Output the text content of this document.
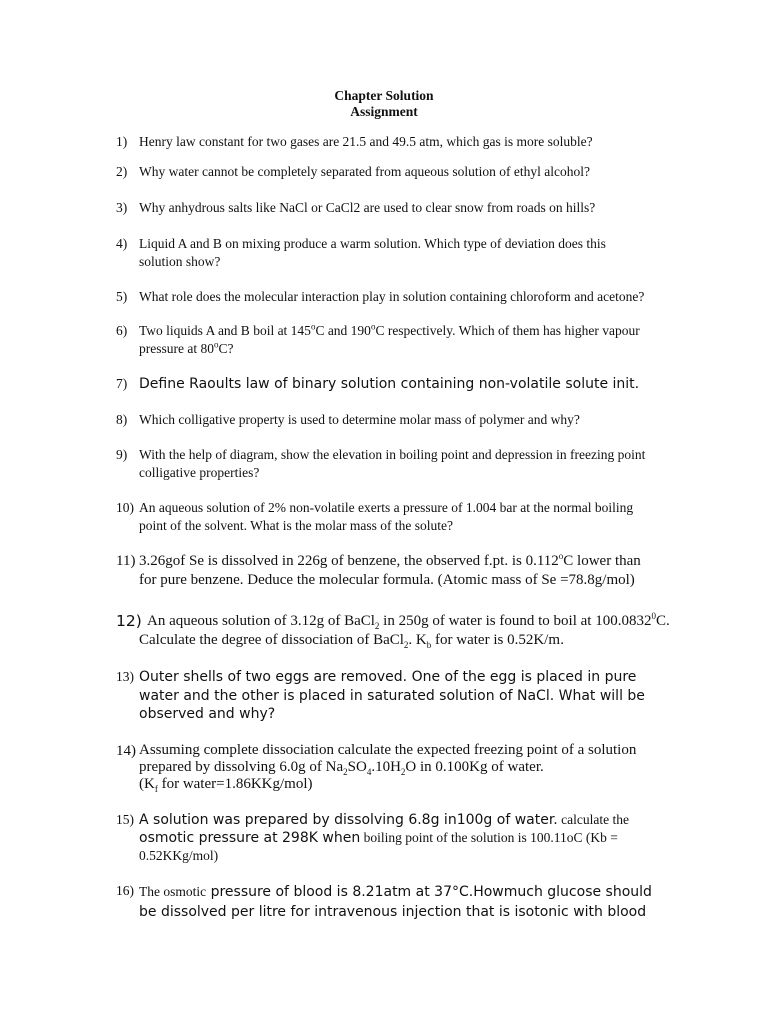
Chapter Solution
Assignment
1) Henry law constant for two gases are 21.5 and 49.5 atm, which gas is more soluble?
2) Why water cannot be completely separated from aqueous solution of ethyl alcohol?
3) Why anhydrous salts like NaCl or CaCl2 are used to clear snow from roads on hills?
4) Liquid A and B on mixing produce a warm solution. Which type of deviation does this
solution show?
5) What role does the molecular interaction play in solution containing chloroform and acetone?
6) Two liquids A and B boil at 145$^o$C and 190$^o$C respectively. Which of them has higher vapour
pressure at 80$^o$C?
7) Define Raoults law of binary solution containing non-volatile solute init.
8) Which colligative property is used to determine molar mass of polymer and why?
9) With the help of diagram, show the elevation in boiling point and depression in freezing point
colligative properties?
10) An aqueous solution of 2% non-volatile exerts a pressure of 1.004 bar at the normal boiling
point of the solvent. What is the molar mass of the solute?
11) 3.26gof Se is dissolved in 226g of benzene, the observed f.pt. is 0.112$^o$C lower than
for pure benzene. Deduce the molecular formula. (Atomic mass of Se =78.8g/mol)
12) An aqueous solution of 3.12g of BaCl$_2$ in 250g of water is found to boil at 100.0832$^0$C.
Calculate the degree of dissociation of BaCl$_2$. $K_b$ for water is 0.52K/m.
13) Outer shells of two eggs are removed. One of the egg is placed in pure
water and the other is placed in saturated solution of NaCl. What will be
observed and why?
14) Assuming complete dissociation calculate the expected freezing point of a solution
prepared by dissolving 6.0g of $Na_2SO_4.10H_2O$ in 0.100Kg of water.
($K_f$ for water=1.86KKg/mol)
15) A solution was prepared by dissolving 6.8g in100g of water. calculate the
osmotic pressure at 298K when boiling point of the solution is 100.11oC (Kb =
0.52KKg/mol)
16) The osmotic pressure of blood is 8.21atm at 37°C.Howmuch glucose should
be dissolved per litre for intravenous injection that is isotonic with blood
